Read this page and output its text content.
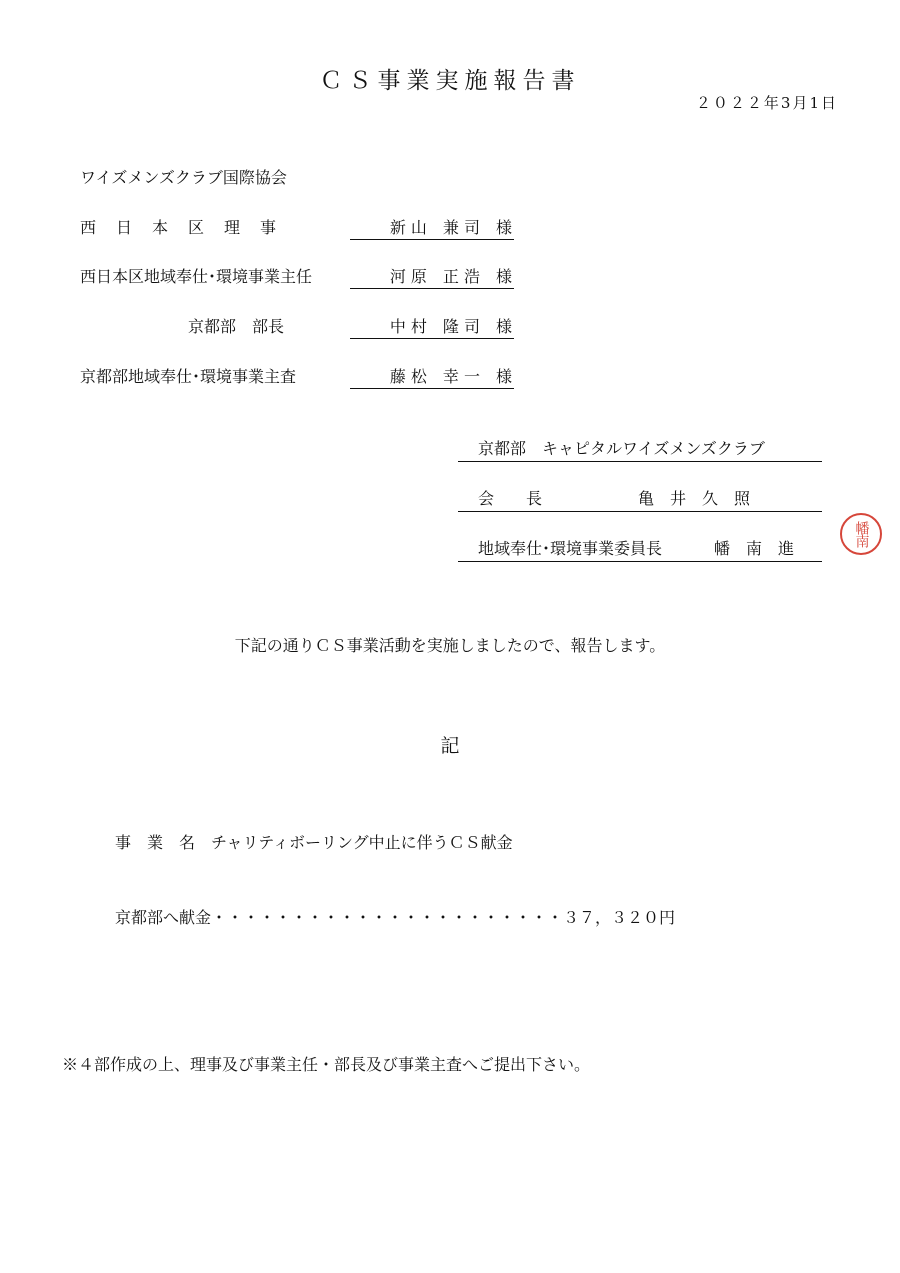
ＣＳ事業実施報告書
２０２２年3月1日
ワイズメンズクラブ国際協会
西　日　本　区　理　事	新 山　兼 司　様
西日本区地域奉仕･環境事業主任	河 原　正 浩　様
京都部　部長	中 村　隆 司　様
京都部地域奉仕･環境事業主査	藤 松　幸 一　様
京都部　キャピタルワイズメンズクラブ
会　　長	亀　井　久　照
地域奉仕･環境事業委員長	幡　南　進
幡南
下記の通りＣＳ事業活動を実施しましたので、報告します。
記
事　業　名　 チャリティボーリング中止に伴うＣＳ献金
京都部へ献金・・・・・・・・・・・・・・・・・・・・・・３７，３２０円
※４部作成の上、理事及び事業主任・部長及び事業主査へご提出下さい。
